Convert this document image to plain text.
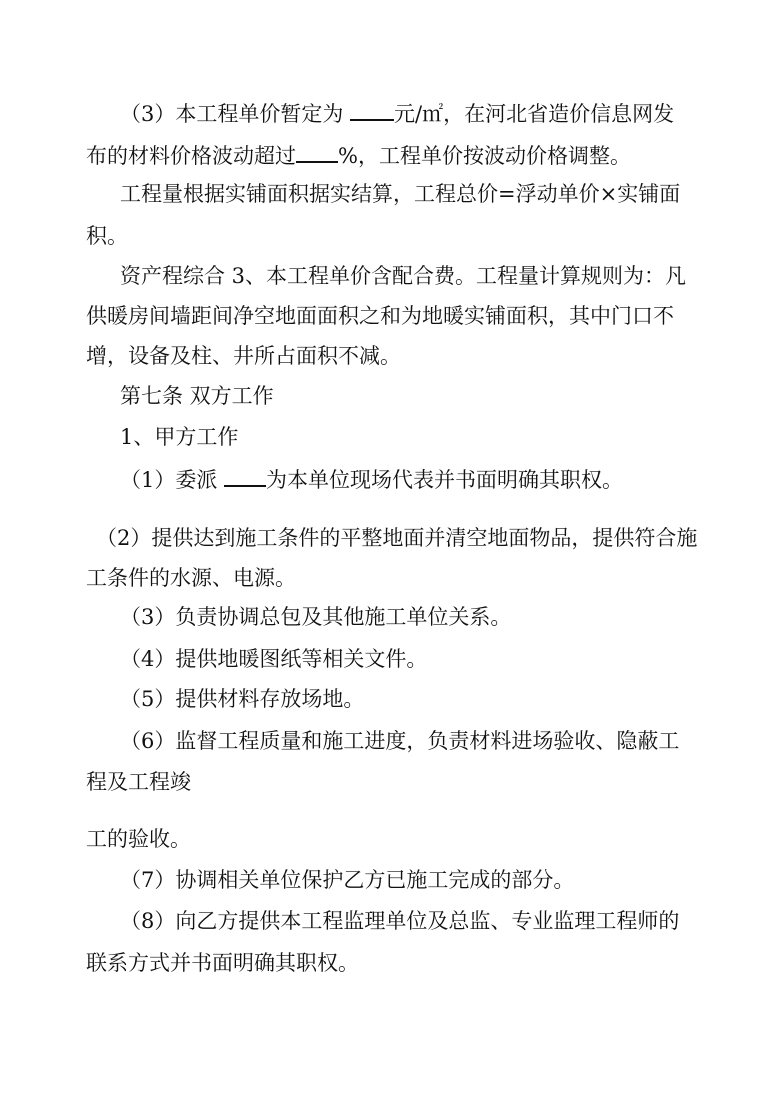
（3）本工程单价暂定为 元/㎡，在河北省造价信息网发
布的材料价格波动超过 %，工程单价按波动价格调整。
工程量根据实铺面积据实结算，工程总价=浮动单价×实铺面
积。
资产程综合 3、本工程单价含配合费。工程量计算规则为：凡
供暖房间墙距间净空地面面积之和为地暖实铺面积，其中门口不
增，设备及柱、井所占面积不减。
第七条 双方工作
1、甲方工作
（1）委派 为本单位现场代表并书面明确其职权。
（2）提供达到施工条件的平整地面并清空地面物品，提供符合施
工条件的水源、电源。
（3）负责协调总包及其他施工单位关系。
（4）提供地暖图纸等相关文件。
（5）提供材料存放场地。
（6）监督工程质量和施工进度，负责材料进场验收、隐蔽工
程及工程竣
工的验收。
（7）协调相关单位保护乙方已施工完成的部分。
（8）向乙方提供本工程监理单位及总监、专业监理工程师的
联系方式并书面明确其职权。
